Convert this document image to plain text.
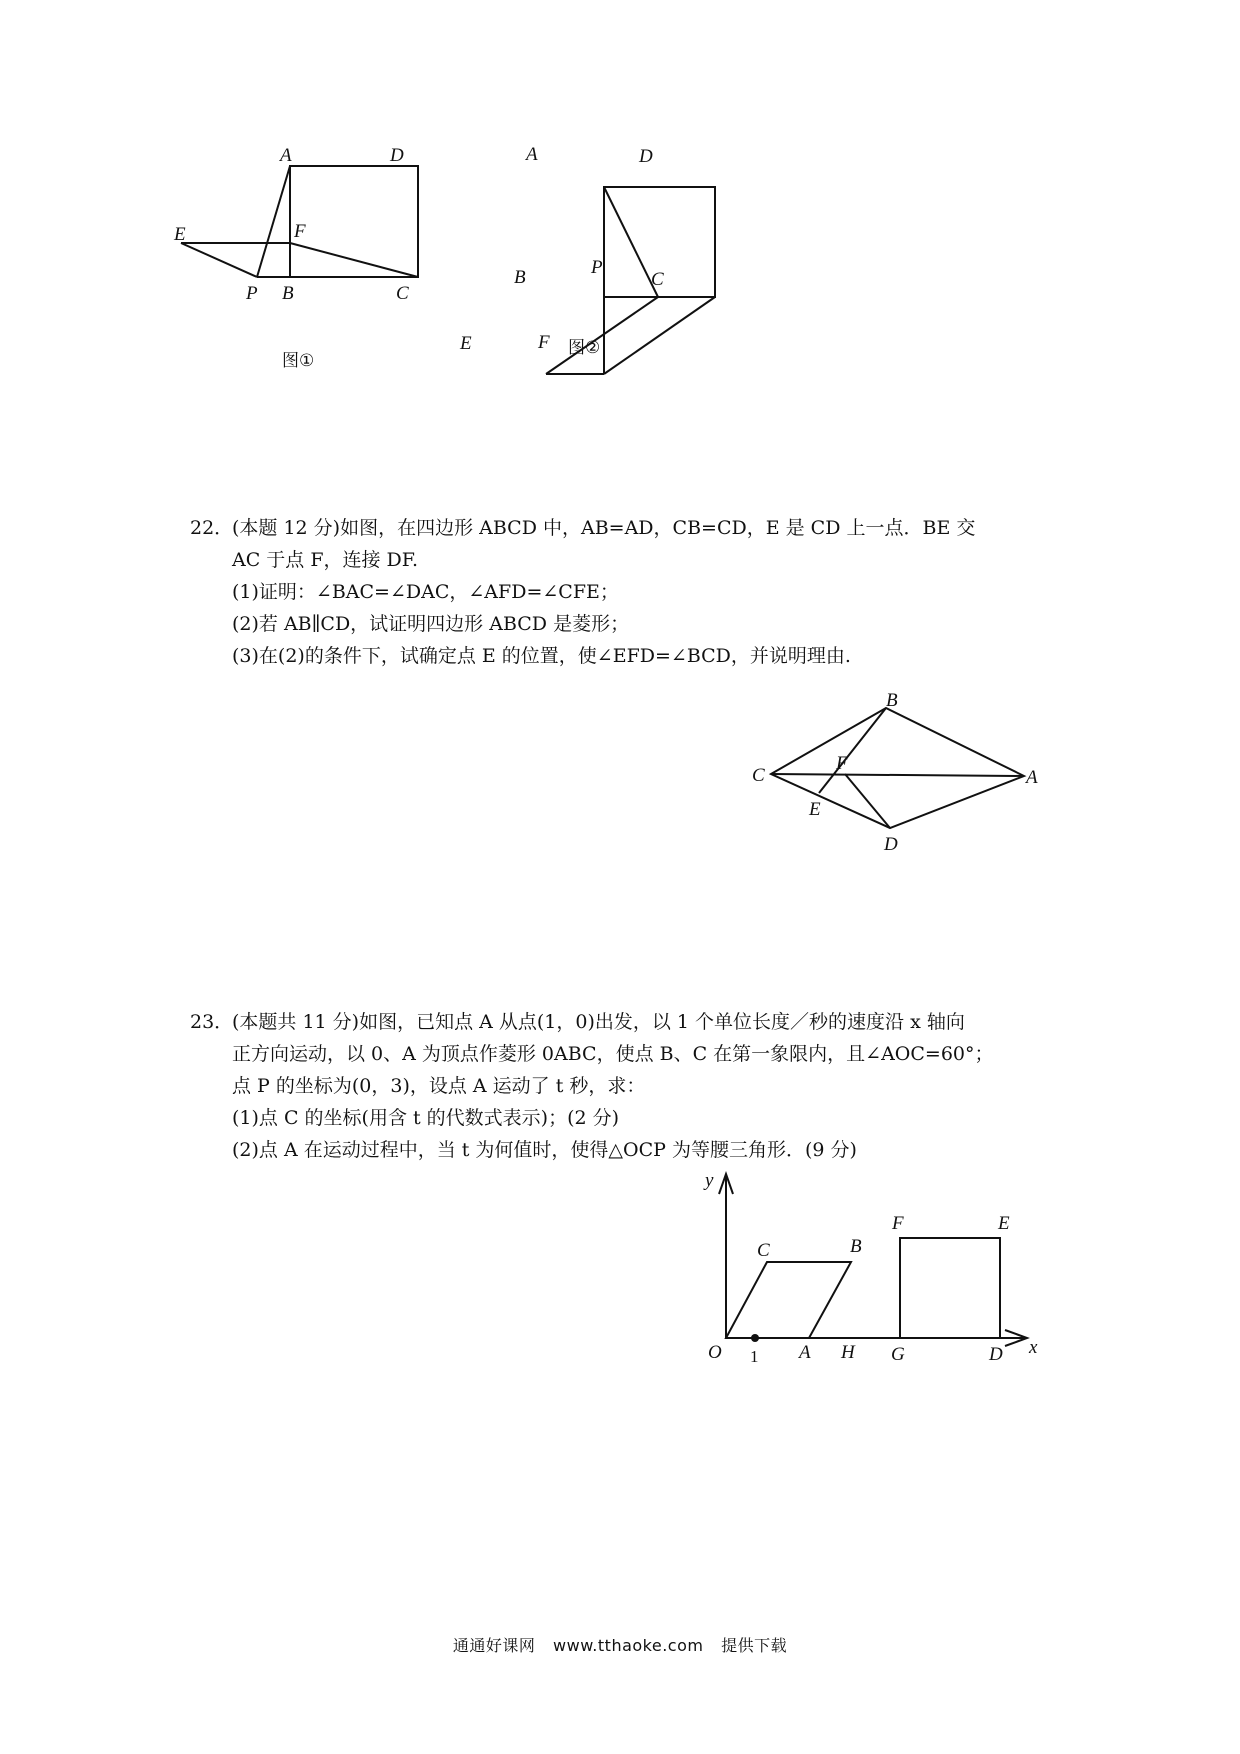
A	D
E	F
P B	C
图①
A	D
B	P
C
E	F 图②
22．(本题 12 分)如图，在四边形 ABCD 中，AB=AD，CB=CD，E 是 CD 上一点．BE 交
AC 于点 F，连接 DF.
(1)证明：∠BAC=∠DAC，∠AFD=∠CFE；
(2)若 AB∥CD，试证明四边形 ABCD 是菱形；
(3)在(2)的条件下，试确定点 E 的位置，使∠EFD=∠BCD，并说明理由.
B
C
F
A
E
D
23．(本题共 11 分)如图，已知点 A 从点(1，0)出发，以 1 个单位长度／秒的速度沿 x 轴向
正方向运动，以 0、A 为顶点作菱形 0ABC，使点 B、C 在第一象限内，且∠AOC=60°；
点 P 的坐标为(0，3)，设点 A 运动了 t 秒，求：
(1)点 C 的坐标(用含 t 的代数式表示)；(2 分)
(2)点 A 在运动过程中，当 t 为何值时，使得△OCP 为等腰三角形．(9 分)
y
x
C	B
F	E
O 1 A H G	D
通通好课网 www.tthaoke.com 提供下载
